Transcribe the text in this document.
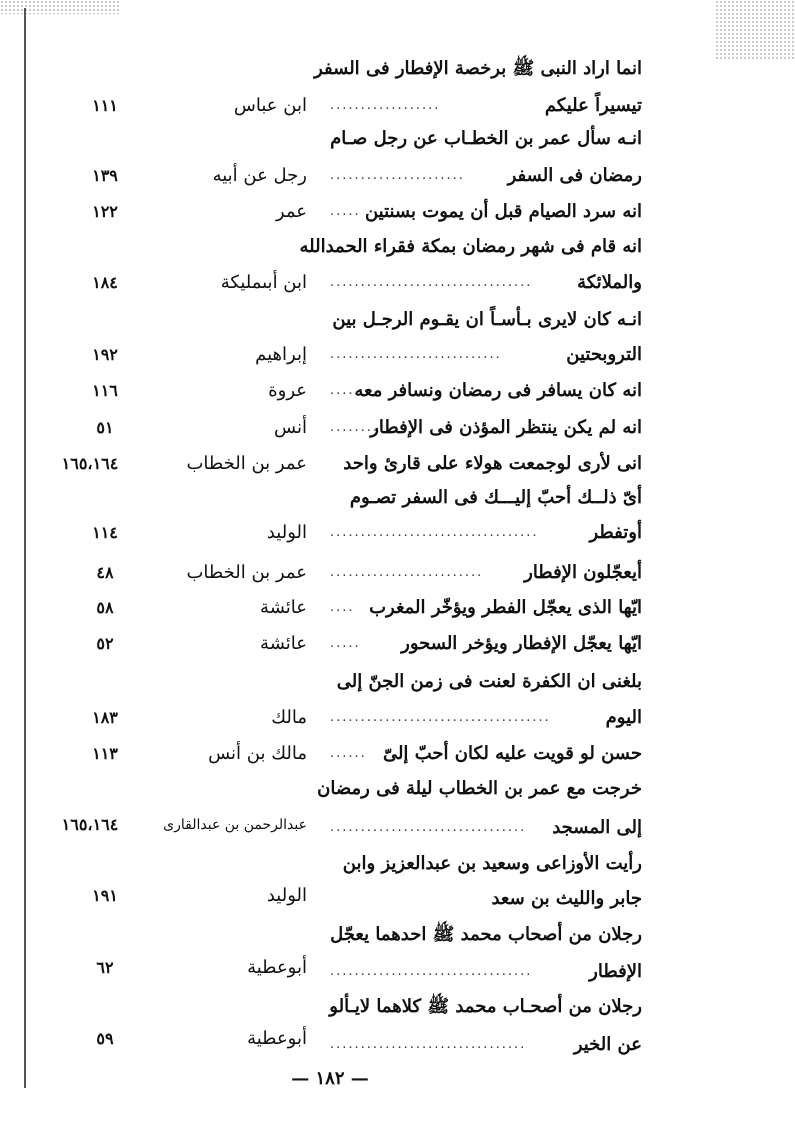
انما اراد النبى ﷺ برخصة الإفطار فى السفر
تيسيراً عليكم
..................
ابن عباس
١١١
انـه سأل عمر بن الخطـاب عن رجل صـام
رمضان فى السفر
......................
رجل عن أبيه
١٣٩
انه سرد الصيام قبل أن يموت بسنتين
.....
عمر
١٢٢
انه قام فى شهر رمضان بمكة فقراء الحمدالله
والملائكة
.................................
ابن أبىمليكة
١٨٤
انـه كان لايرى بـأسـاً ان يقـوم الرجـل بين
التروبحتين
............................
إبراهيم
١٩٢
انه كان يسافر فى رمضان ونسافر معه
.....
عروة
١١٦
انه لم يكن ينتظر المؤذن فى الإفطار
........
أنس
٥١
انى لأرى لوجمعت هولاء على قارئ واحد
عمر بن الخطاب
١٦٥،١٦٤
أىّ ذلــك أحبّ إليـــك فى السفر تصـوم
أوتفطر
..................................
الوليد
١١٤
أيعجّلون الإفطار
.........................
عمر بن الخطاب
٤٨
ايّها الذى يعجّل الفطر ويؤخّر المغرب
....
عائشة
٥٨
ايّها يعجّل الإفطار ويؤخر السحور
.....
عائشة
٥٢
بلغنى ان الكفرة لعنت فى زمن الجنّ إلى
اليوم
....................................
مالك
١٨٣
حسن لو قويت عليه لكان أحبّ إلىّ
......
مالك بن أنس
١١٣
خرجت مع عمر بن الخطاب ليلة فى رمضان
إلى المسجد
................................
عبدالرحمن بن عبدالقارى
١٦٥،١٦٤
رأيت الأوزاعى وسعيد بن عبدالعزيز وابن
جابر والليث بن سعد
الوليد
١٩١
رجلان من أصحاب محمد ﷺ احدهما يعجّل
الإفطار
.................................
أبوعطية
٦٢
رجلان من أصحـاب محمد ﷺ كلاهما لايـألو
عن الخير
................................
أبوعطية
٥٩
— ١٨٢ —
